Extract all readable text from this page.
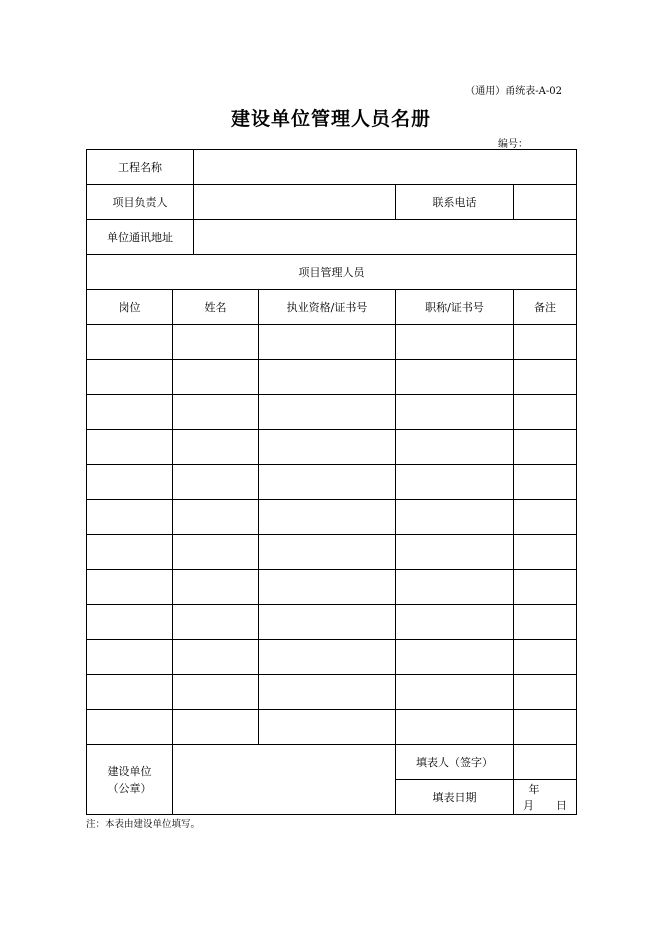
（通用）甬统表-A-02
建设单位管理人员名册
编号：
工程名称					
项目负责人				联系电话	
单位通讯地址					
项目管理人员					
岗位	姓名		执业资格/证书号	职称/证书号	备注

建设单位
（公章）				填表人（签字）	
				填表日期	年月 日
注：本表由建设单位填写。
